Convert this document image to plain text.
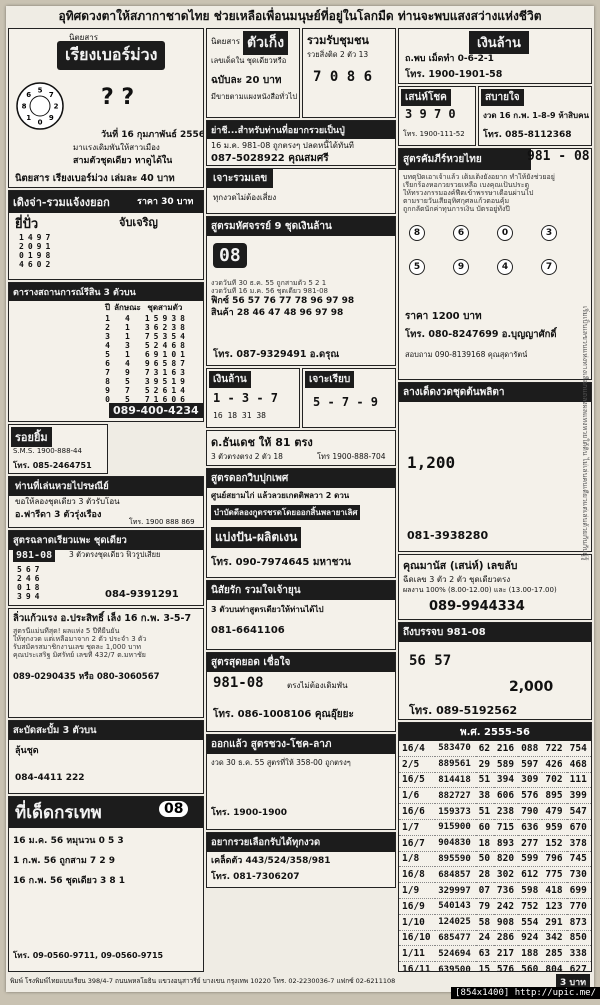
อุทิศดวงตาให้สภากาชาดไทย ช่วยเหลือเพื่อนมนุษย์ที่อยู่ในโลกมืด ท่านจะพบแสงสว่างแห่งชีวิต
นิตยสาร
เรียงเบอร์ม่วง
5
7
2
9
0
1
8
6	? ?
วันที่ 16 กุมภาพันธ์ 2556
มาแรงเดิมพันให้สาวเมือง
สามตัวชุดเดียว หาดูได้ใน
นิตยสาร เรียงเบอร์ม่วง เล่มละ 40 บาท
นิตยสาร ตัวเก็ง
เลขเด็ดใน ชุดเดียวหรือ
ฉบับละ 20 บาท
มีขายตามแผงหนังสือทั่วไป
รวมรับชุมชน
รวยสิ่งติด 2 ตัว 13
7 0 8 6
เงินล้าน
ถ.พบ เม็ดทำ 0-6-2-1
โทร. 1900-1901-58
เสน่ห์โชค
3 9 7 0
โทร. 1900-111-52
สบายใจ
งวด 16 ก.พ. 1-8-9 ห้าสิบคน
โทร. 085-8112368
ย่าชี...สำหรับท่านที่อยากรวยเป็นปู่
16 ม.ค. 981-08 ถูกตรงๆ ปลดหนี้ได้ทันที
087-5028922 คุณสมศรี
เดิงจ่า-รวมแจ้งงยอก	ราคา 30 บาท
ยี่ปั่ว	จับเจริญ
1	4	9	7
2	0	9	1
0	1	9	8
4	6	0	2
สูตรคัมภีร์หวยไทย	981 - 08
บทตุปิดเอาเจ้าแล้ว เต็มเต็งยังอยาก ทำให้ยังช่วยอยู่
เรียกร้องหอกวยรวยเหลือ เบงคุณเป็นประตู
ให้ทรวงกรรมองค์ฟีดเข้าพรรษาเดือนผ่านไป
ตามรายวันเสียอุทิศกุศลแก้วตอนคุ้ม
ถูกกลัตนักค่าทุนการเงิน บัตรอยู่ทั้งปี
8	6	0	3
5	9	4	7
ราคา 1200 บาท
โทร. 080-8247699 อ.บุญญาศักดิ์
สอบถาม 090-8139168 คุณสุดารัตน์
เจาะรวมเลข
ทุกงวดไม่ต้องเสี่ยง
ตารางสถานการณ์รีสิน 3 ตัวบน
ปี	ลักษณะ	ชุดสามตัว				
1	4	1	5	9	3	8
2	1	3	6	2	3	8
3	1	7	5	3	5	4
4	3	5	2	4	6	8
5	1	6	9	1	0	1
6	4	9	6	5	8	7
7	9	7	3	1	6	3
8	5	3	9	5	1	9
9	7	5	2	6	1	4
0	5	7	1	6	0	6
089-400-4234
สูตรมหัศจรรย์ 9 ชุดเงินล้าน
08
งวดวันที่ 30 ธ.ค. 55 ถูกสามตัว 5 2 1
งวดวันที่ 16 ม.ค. 56 ชุดเดียว 981-08
ฟิกซ์ 56 57 76 77 78 96 97 98
สินค้า 28 46 47 48 96 97 98
โทร. 087-9329491 อ.ดรุณ
รอยยิ้ม
S.M.S. 1900-888-44
โทร. 085-2464751
ท่านที่เล่นหวยไปรษณีย์
ขอให้ลองชุดเดียว 3 ตัวรับโอน
อ.ฟารีดา 3 ตัวรุ่งเรือง
โทร. 1900 888 869
เงินล้าน
1 - 3 - 7
16 18 31 38
เจาะเรียบ
5 - 7 - 9
ด.ธันเดช ให้ 81 ตรง
3 ตัวตรงตรง 2 ตัว 18	โทร 1900-888-704
สูตรดอกวิบปุกเพศ
ศูนย์สยามไก่ แล้วลวยเกตติพลวา 2 ดวน
บำบัดดีลองกูตรชรดโดยออกสิ้นพลายาเลิศ
แบ่งปัน-ผลิตเงน
โทร. 090-7974645 มหาชวน
สูตรฉลาดเรียวแพะ ชุดเดียว
3 ตัวตรงชุดเดียว ฟิวรูปเสียย
981-08
5	6	7
2	4	6
0	1	8
3	9	4	084-9391291
ลิ่วแก้วแรง อ.ประสิทธิ์ เล็ง 16 ก.พ. 3-5-7
สูตรนี้แม่นที่สุด! ผลแห่ง 5 ปีที่ยืนยัน
ให้ทุกงวด แต่เหลือมาจาก 2 ตัว ประจำ 3 ตัว
รับสมัครสมาชิกงานเลข ชุดละ 1,000 บาท
คุณประเสริฐ มิศรัทย์ เลขที่ 432/7 ต.มหาชัย
089-0290435 หรือ 080-3060567
นิสัยรัก รวมใจเจ้ายุน
3 ตัวบนท่าสูตรเดียวให้ท่านได้ไป
081-6641106
สูตรสุดยอด เชื่อใจ
981-08	ตรงไม่ต้องเดิมพัน
โทร. 086-1008106 คุณอุ๊ยยะ
ออกแล้ว สูตรชวง-โชค-ลาภ
งวด 30 ธ.ค. 55 สูตรที่ให้ 358-00 ถูกตรงๆ
โทร. 1900-1900
อยากรวยเลือกรับได้ทุกงวด
เคล็ดตัว 443/524/358/981
โทร. 081-7306207
สะบัดสะบั้ม 3 ตัวบน
ลุ้นชุด
084-4411 222
ที่เด็ดกรเทพ	08
16 ม.ค. 56 หมุนวน 0 5 3
1 ก.พ. 56 ถูกสาม 7 2 9
16 ก.พ. 56 ชุดเดียว 3 8 1
โทร. 09-0560-9711, 09-0560-9715
ลางเด็ดงวดชุดต้นพลิตา
1,200
081-3938280
คุณมานัส (เสน่ห์) เลขลับ
ฉีดเลข 3 ตัว 2 ตัว ชุดเดียวตรง
ผลงาน 100% (8.00-12.00) และ (13.00-17.00)
089-9944334
ถึงบรรจบ 981-08
56 57
2,000
โทร. 089-5192562
พ.ศ. 2555-56						
16/4	583470	62	216	088	722	754
2/5	889561	29	589	597	426	468
16/5	814418	51	394	309	702	111
1/6	882727	38	606	576	895	399
16/6	159373	51	238	790	479	547
1/7	915900	60	715	636	959	670
16/7	904830	18	893	277	152	378
1/8	895590	50	820	599	796	745
16/8	684857	28	302	612	775	730
1/9	329997	07	736	598	418	699
16/9	540143	79	242	752	123	770
1/10	124025	58	908	554	291	873
16/10	685477	24	286	924	342	850
1/11	524694	63	217	188	285	338
16/11	639500	15	576	560	804	627

เริ่มเป็นเลขวนแห่งทางเลือกแถลงผลแทงหวยใต้ดิน ไม่เล่นคนเดียวแต่เล่นด้วยกันกับผู้รู้
พิมพ์ โรงพิมพ์ไทยแบบเรียน 398/4-7 ถนนพหลโยธิน แขวงอนุสาวรีย์ บางเขน กรุงเทพ 10220 โทร. 02-2230036-7 แฟกซ์ 02-6211108	3 บาท
[854x1400] http://upic.me/
